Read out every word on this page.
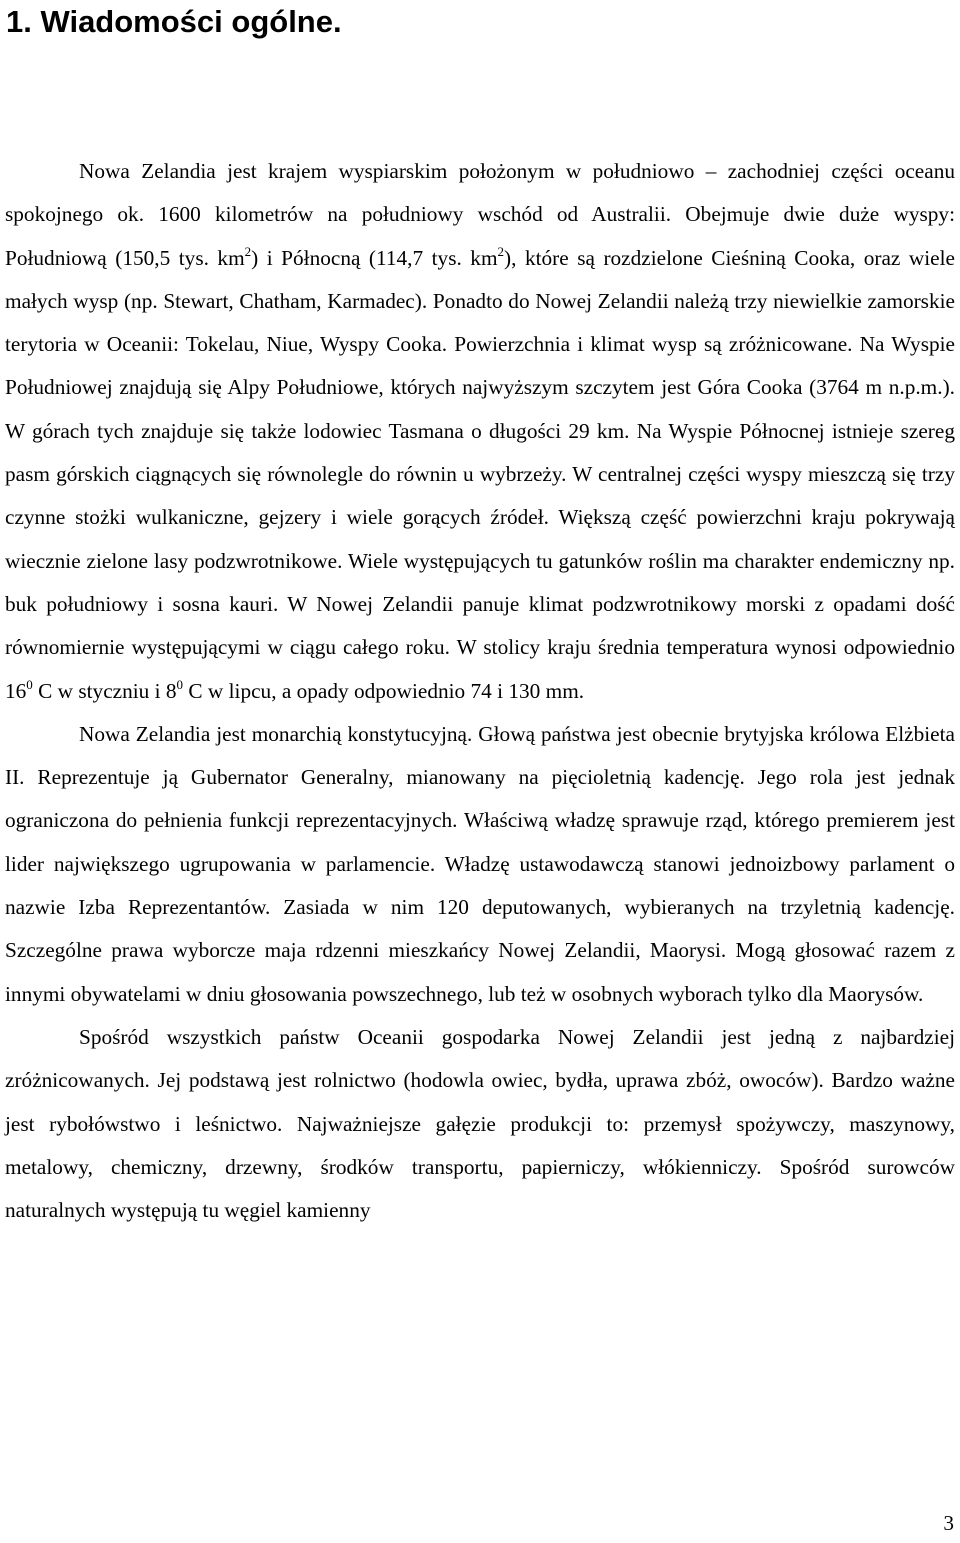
1. Wiadomości ogólne.

Nowa Zelandia jest krajem wyspiarskim położonym w południowo – zachodniej części oceanu spokojnego ok. 1600 kilometrów na południowy wschód od Australii. Obejmuje dwie duże wyspy: Południową (150,5 tys. $km^2$) i Północną (114,7 tys. $km^2$), które są rozdzielone Cieśniną Cooka, oraz wiele małych wysp (np. Stewart, Chatham, Karmadec). Ponadto do Nowej Zelandii należą trzy niewielkie zamorskie terytoria w Oceanii: Tokelau, Niue, Wyspy Cooka. Powierzchnia i klimat wysp są zróżnicowane. Na Wyspie Południowej znajdują się Alpy Południowe, których najwyższym szczytem jest Góra Cooka (3764 m n.p.m.). W górach tych znajduje się także lodowiec Tasmana o długości 29 km. Na Wyspie Północnej istnieje szereg pasm górskich ciągnących się równolegle do równin u wybrzeży. W centralnej części wyspy mieszczą się trzy czynne stożki wulkaniczne, gejzery i wiele gorących źródeł. Większą część powierzchni kraju pokrywają wiecznie zielone lasy podzwrotnikowe. Wiele występujących tu gatunków roślin ma charakter endemiczny np. buk południowy i sosna kauri. W Nowej Zelandii panuje klimat podzwrotnikowy morski z opadami dość równomiernie występującymi w ciągu całego roku. W stolicy kraju średnia temperatura wynosi odpowiednio $16^0$ C w styczniu i $8^0$ C w lipcu, a opady odpowiednio 74 i 130 mm.

Nowa Zelandia jest monarchią konstytucyjną. Głową państwa jest obecnie brytyjska królowa Elżbieta II. Reprezentuje ją Gubernator Generalny, mianowany na pięcioletnią kadencję. Jego rola jest jednak ograniczona do pełnienia funkcji reprezentacyjnych. Właściwą władzę sprawuje rząd, którego premierem jest lider największego ugrupowania w parlamencie. Władzę ustawodawczą stanowi jednoizbowy parlament o nazwie Izba Reprezentantów. Zasiada w nim 120 deputowanych, wybieranych na trzyletnią kadencję. Szczególne prawa wyborcze maja rdzenni mieszkańcy Nowej Zelandii, Maorysi. Mogą głosować razem z innymi obywatelami w dniu głosowania powszechnego, lub też w osobnych wyborach tylko dla Maorysów.

Spośród wszystkich państw Oceanii gospodarka Nowej Zelandii jest jedną z najbardziej zróżnicowanych. Jej podstawą jest rolnictwo (hodowla owiec, bydła, uprawa zbóż, owoców). Bardzo ważne jest rybołówstwo i leśnictwo. Najważniejsze gałęzie produkcji to: przemysł spożywczy, maszynowy, metalowy, chemiczny, drzewny, środków transportu, papierniczy, włókienniczy. Spośród surowców naturalnych występują tu węgiel kamienny

3
